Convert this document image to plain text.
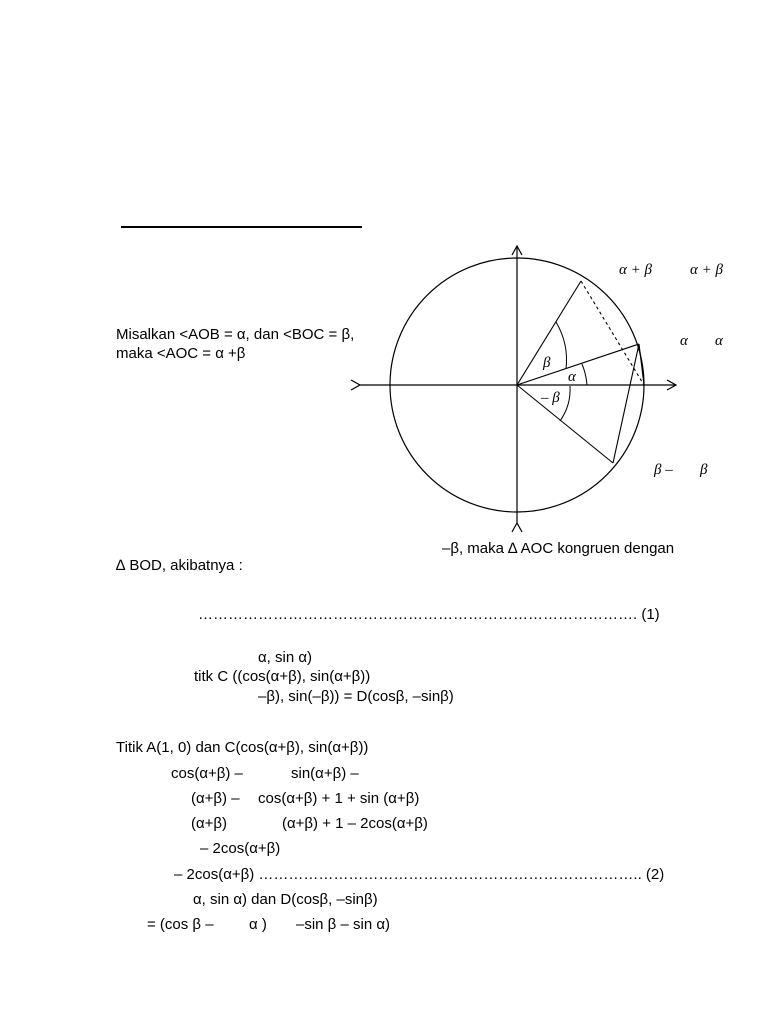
β
α
– β
α + β	α + β
α α
β – β
Misalkan <AOB = α, dan <BOC = β,
maka <AOC = α +β
–β, maka ∆ AOC kongruen dengan
∆ BOD, akibatnya :
……………………………………………………………………………. (1)
α, sin α)
titk C ((cos(α+β), sin(α+β))
–β), sin(–β)) = D(cosβ, –sinβ)
Titik A(1, 0) dan C(cos(α+β), sin(α+β))
cos(α+β) –	sin(α+β) –
(α+β) – cos(α+β) + 1 + sin (α+β)
(α+β)	(α+β) + 1 – 2cos(α+β)
– 2cos(α+β)
– 2cos(α+β) ………………………………………………………………….. (2)
α, sin α) dan D(cosβ, –sinβ)
= (cos β – α ) –sin β – sin α)
